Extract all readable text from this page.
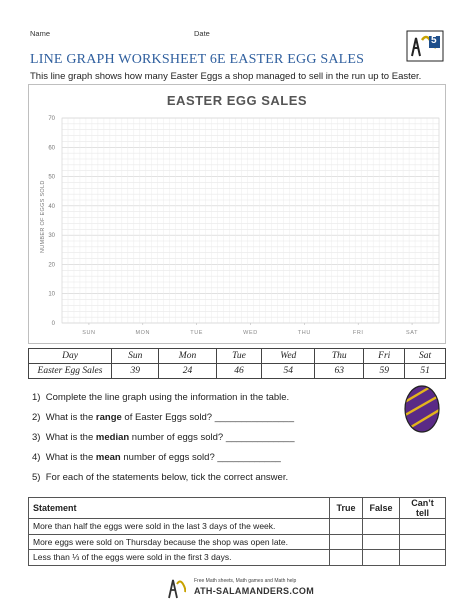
Name	Date
5
LINE GRAPH WORKSHEET 6E EASTER EGG SALES
This line graph shows how many Easter Eggs a shop managed to sell in the run up to Easter.
EASTER EGG SALES
0
10
20
30
40
50
60
70
SUN	MON	TUE	WED	THU	FRI	SAT
NUMBER OF EGGS SOLD
Day	Sun	Mon	Tue	Wed	Thu	Fri	Sat
Easter Egg Sales	39	24	46	54	63	59	51
1) Complete the line graph using the information in the table.
2) What is the range of Easter Eggs sold? _______________
3) What is the median number of eggs sold? _____________
4) What is the mean number of eggs sold? ____________
5) For each of the statements below, tick the correct answer.
Statement	True	False	Can’t tell
More than half the eggs were sold in the last 3 days of the week.			
More eggs were sold on Thursday because the shop was open late.			
Less than ⅓ of the eggs were sold in the first 3 days.			
Free Math sheets, Math games and Math help
ATH-SALAMANDERS.COM
